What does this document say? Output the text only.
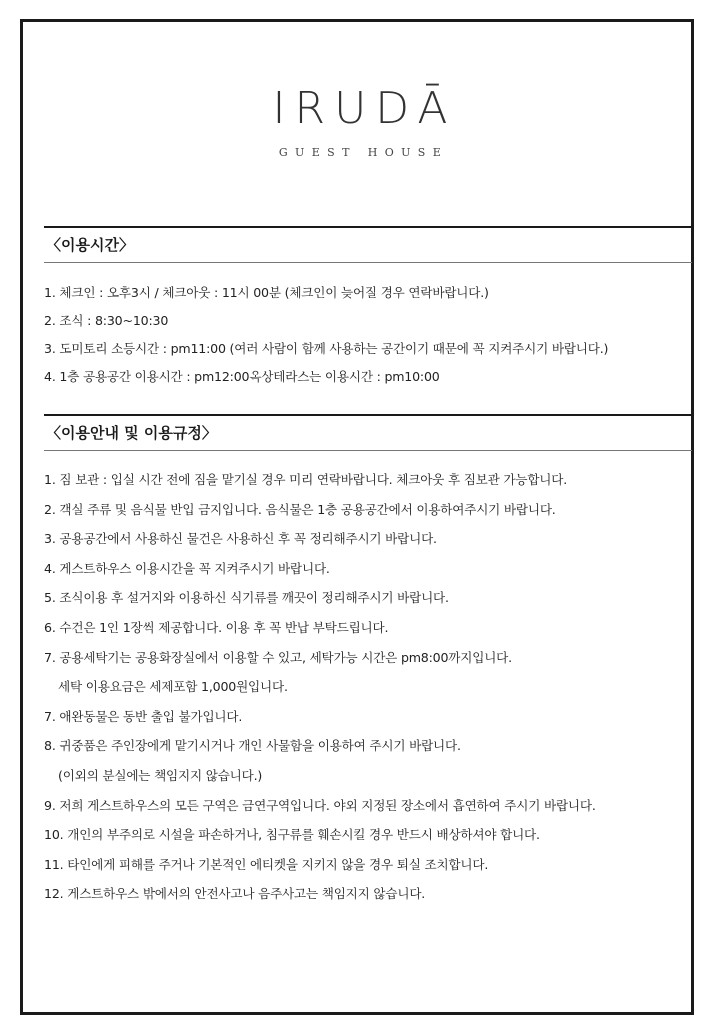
IRUDĀ
GUEST HOUSE
〈이용시간〉
1. 체크인 : 오후3시 / 체크아웃 : 11시 00분 (체크인이 늦어질 경우 연락바랍니다.)
2. 조식 : 8:30~10:30
3. 도미토리 소등시간 : pm11:00 (여러 사람이 함께 사용하는 공간이기 때문에 꼭 지켜주시기 바랍니다.)
4. 1층 공용공간 이용시간 : pm12:00옥상테라스는 이용시간 : pm10:00
〈이용안내 및 이용규정〉
1. 짐 보관 : 입실 시간 전에 짐을 맡기실 경우 미리 연락바랍니다. 체크아웃 후 짐보관 가능합니다.
2. 객실 주류 및 음식물 반입 금지입니다. 음식물은 1층 공용공간에서 이용하여주시기 바랍니다.
3. 공용공간에서 사용하신 물건은 사용하신 후 꼭 정리해주시기 바랍니다.
4. 게스트하우스 이용시간을 꼭 지켜주시기 바랍니다.
5. 조식이용 후 설거지와 이용하신 식기류를 깨끗이 정리해주시기 바랍니다.
6. 수건은 1인 1장씩 제공합니다. 이용 후 꼭 반납 부탁드립니다.
7. 공용세탁기는 공용화장실에서 이용할 수 있고, 세탁가능 시간은 pm8:00까지입니다.
세탁 이용요금은 세제포함 1,000원입니다.
7. 애완동물은 동반 출입 불가입니다.
8. 귀중품은 주인장에게 맡기시거나 개인 사물함을 이용하여 주시기 바랍니다.
(이외의 분실에는 책임지지 않습니다.)
9. 저희 게스트하우스의 모든 구역은 금연구역입니다. 야외 지정된 장소에서 흡연하여 주시기 바랍니다.
10. 개인의 부주의로 시설을 파손하거나, 침구류를 훼손시킬 경우 반드시 배상하셔야 합니다.
11. 타인에게 피해를 주거나 기본적인 에티켓을 지키지 않을 경우 퇴실 조치합니다.
12. 게스트하우스 밖에서의 안전사고나 음주사고는 책임지지 않습니다.
